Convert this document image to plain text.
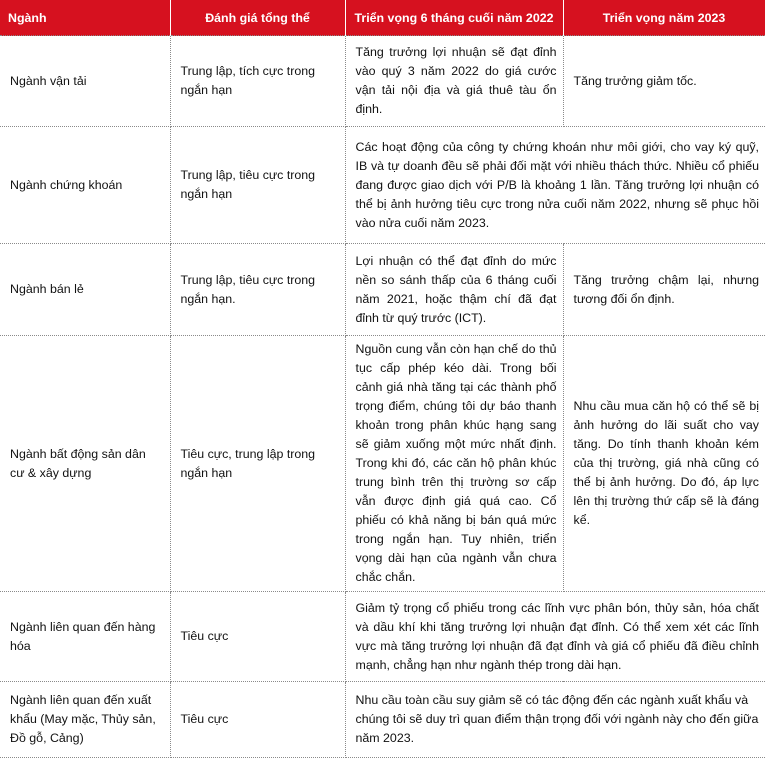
Ngành	Đánh giá tổng thể	Triển vọng 6 tháng cuối năm 2022	Triển vọng năm 2023
Ngành vận tải	Trung lập, tích cực trong ngắn hạn	Tăng trưởng lợi nhuận sẽ đạt đỉnh vào quý 3 năm 2022 do giá cước vận tải nội địa và giá thuê tàu ổn định.	Tăng trưởng giảm tốc.
Ngành chứng khoán	Trung lập, tiêu cực trong ngắn hạn	Các hoạt động của công ty chứng khoán như môi giới, cho vay ký quỹ, IB và tự doanh đều sẽ phải đối mặt với nhiều thách thức. Nhiều cổ phiếu đang được giao dịch với P/B là khoảng 1 lần. Tăng trưởng lợi nhuận có thể bị ảnh hưởng tiêu cực trong nửa cuối năm 2022, nhưng sẽ phục hồi vào nửa cuối năm 2023.	
Ngành bán lẻ	Trung lập, tiêu cực trong ngắn hạn.	Lợi nhuận có thể đạt đỉnh do mức nền so sánh thấp của 6 tháng cuối năm 2021, hoặc thậm chí đã đạt đỉnh từ quý trước (ICT).	Tăng trưởng chậm lại, nhưng tương đối ổn định.
Ngành bất động sản dân cư & xây dựng	Tiêu cực, trung lập trong ngắn hạn	Nguồn cung vẫn còn hạn chế do thủ tục cấp phép kéo dài. Trong bối cảnh giá nhà tăng tại các thành phố trọng điểm, chúng tôi dự báo thanh khoản trong phân khúc hạng sang sẽ giảm xuống một mức nhất định. Trong khi đó, các căn hộ phân khúc trung bình trên thị trường sơ cấp vẫn được định giá quá cao. Cổ phiếu có khả năng bị bán quá mức trong ngắn hạn. Tuy nhiên, triển vọng dài hạn của ngành vẫn chưa chắc chắn.	Nhu cầu mua căn hộ có thể sẽ bị ảnh hưởng do lãi suất cho vay tăng. Do tính thanh khoản kém của thị trường, giá nhà cũng có thể bị ảnh hưởng. Do đó, áp lực lên thị trường thứ cấp sẽ là đáng kể.
Ngành liên quan đến hàng hóa	Tiêu cực	Giảm tỷ trọng cổ phiếu trong các lĩnh vực phân bón, thủy sản, hóa chất và dầu khí khi tăng trưởng lợi nhuận đạt đỉnh. Có thể xem xét các lĩnh vực mà tăng trưởng lợi nhuận đã đạt đỉnh và giá cổ phiếu đã điều chỉnh mạnh, chẳng hạn như ngành thép trong dài hạn.	
Ngành liên quan đến xuất khẩu (May mặc, Thủy sản, Đồ gỗ, Cảng)	Tiêu cực	Nhu cầu toàn cầu suy giảm sẽ có tác động đến các ngành xuất khẩu và chúng tôi sẽ duy trì quan điểm thận trọng đối với ngành này cho đến giữa năm 2023.	
